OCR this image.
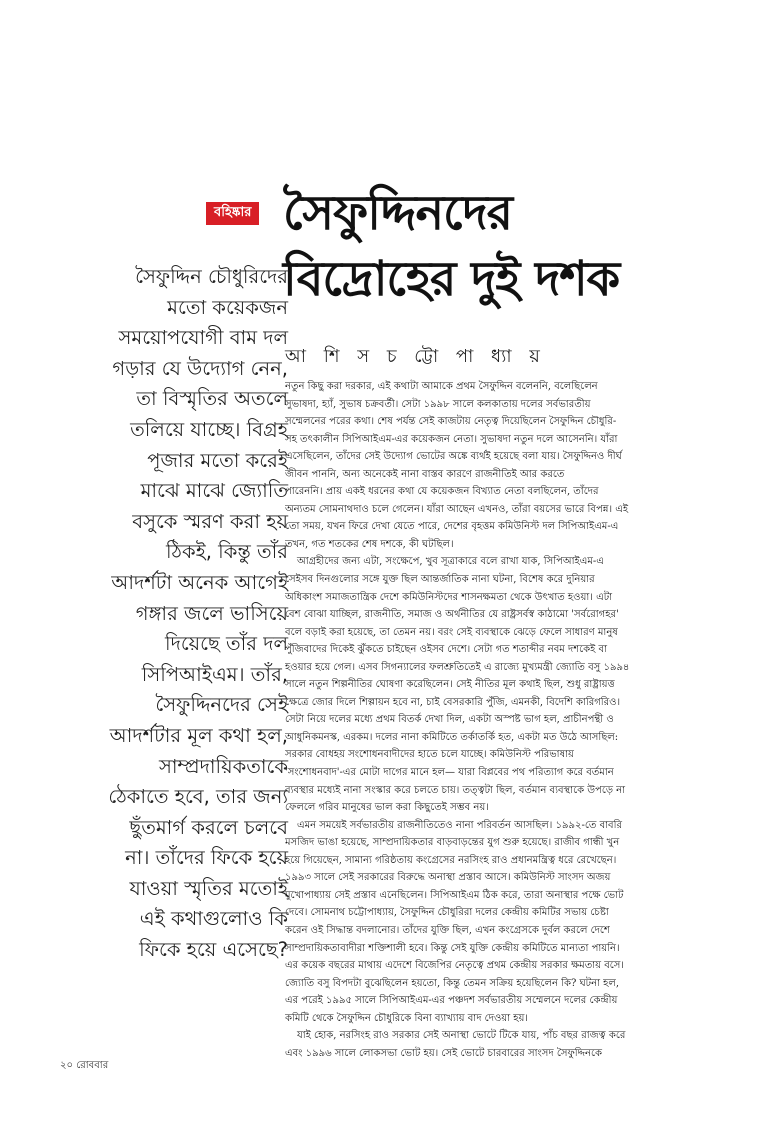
বহিষ্কার সৈফুদ্দিনদের
বিদ্রোহের দুই দশক
আ শি স চ ট্টো পা ধ্যা য়
সৈফুদ্দিন চৌধুরিদের
মতো কয়েকজন
সময়োপযোগী বাম দল
গড়ার যে উদ্যোগ নেন,
তা বিস্মৃতির অতলে
তলিয়ে যাচ্ছে। বিগ্রহ
পূজার মতো করেই
মাঝে মাঝে জ্যোতি
বসুকে স্মরণ করা হয়
ঠিকই, কিন্তু তাঁর
আদর্শটা অনেক আগেই
গঙ্গার জলে ভাসিয়ে
দিয়েছে তাঁর দল
সিপিআইএম। তাঁর,
সৈফুদ্দিনদের সেই
আদর্শটার মূল কথা হল,
সাম্প্রদায়িকতাকে
ঠেকাতে হবে, তার জন্য
ছুঁতমার্গ করলে চলবে
না। তাঁদের ফিকে হয়ে
যাওয়া স্মৃতির মতোই
এই কথাগুলোও কি
ফিকে হয়ে এসেছে?
নতুন কিছু করা দরকার, এই কথাটা আমাকে প্রথম সৈফুদ্দিন বলেননি, বলেছিলেন
সুভাষদা, হ্যাঁ, সুভাষ চক্রবর্তী। সেটা ১৯৯৮ সালে কলকাতায় দলের সর্বভারতীয়
সম্মেলনের পরের কথা। শেষ পর্যন্ত সেই কাজটায় নেতৃত্ব দিয়েছিলেন সৈফুদ্দিন চৌধুরি-
সহ তৎকালীন সিপিআইএম-এর কয়েকজন নেতা। সুভাষদা নতুন দলে আসেননি। যাঁরা
এসেছিলেন, তাঁদের সেই উদ্যোগ ভোটের অঙ্কে ব্যর্থই হয়েছে বলা যায়। সৈফুদ্দিনও দীর্ঘ
জীবন পাননি, অন্য অনেকেই নানা বাস্তব কারণে রাজনীতিই আর করতে
পারেননি। প্রায় একই ধরনের কথা যে কয়েকজন বিখ্যাত নেতা বলছিলেন, তাঁদের
অন্যতম সোমনাথদাও চলে গেলেন। যাঁরা আছেন এখনও, তাঁরা বয়সের ভারে বিপন্ন। এই
তো সময়, যখন ফিরে দেখা যেতে পারে, দেশের বৃহত্তম কমিউনিস্ট দল সিপিআইএম-এ
তখন, গত শতকের শেষ দশকে, কী ঘটছিল।
আগ্রহীদের জন্য এটা, সংক্ষেপে, খুব সূত্রাকারে বলে রাখা যাক, সিপিআইএম-এ
সেইসব দিনগুলোর সঙ্গে যুক্ত ছিল আন্তর্জাতিক নানা ঘটনা, বিশেষ করে দুনিয়ার
অধিকাংশ সমাজতান্ত্রিক দেশে কমিউনিস্টদের শাসনক্ষমতা থেকে উৎখাত হওয়া। এটা
বেশ বোঝা যাচ্ছিল, রাজনীতি, সমাজ ও অর্থনীতির যে রাষ্ট্রসর্বস্ব কাঠামো 'সর্বরোগহর'
বলে বড়াই করা হয়েছে, তা তেমন নয়। বরং সেই ব্যবস্থাকে ঝেড়ে ফেলে সাধারণ মানুষ
পুঁজিবাদের দিকেই ঝুঁকতে চাইছেন ওইসব দেশে। সেটা গত শতাব্দীর নবম দশকেই বা
হওয়ার হয়ে গেল। এসব সিগন্যালের ফলশ্রুতিতেই এ রাজ্যে মুখ্যমন্ত্রী জ্যোতি বসু ১৯৯৪
সালে নতুন শিল্পনীতির ঘোষণা করেছিলেন। সেই নীতির মূল কথাই ছিল, শুধু রাষ্ট্রায়ত্ত
ক্ষেত্রে জোর দিলে শিল্পায়ন হবে না, চাই বেসরকারি পুঁজি, এমনকী, বিদেশি কারিগরিও।
সেটা নিয়ে দলের মধ্যে প্রথম বিতর্ক দেখা দিল, একটা অস্পষ্ট ভাগ হল, প্রাচীনপন্থী ও
আধুনিকমনস্ক, এরকম। দলের নানা কমিটিতে তর্কাতর্কি হত, একটা মত উঠে আসছিল:
সরকার বোধহয় সংশোধনবাদীদের হাতে চলে যাচ্ছে। কমিউনিস্ট পরিভাষায়
'সংশোধনবাদ'-এর মোটা দাগের মানে হল— যারা বিপ্লবের পথ পরিত্যাগ করে বর্তমান
ব্যবস্থার মধ্যেই নানা সংস্কার করে চলতে চায়। তত্ত্বটা ছিল, বর্তমান ব্যবস্থাকে উপড়ে না
ফেললে গরিব মানুষের ভাল করা কিছুতেই সম্ভব নয়।
এমন সময়েই সর্বভারতীয় রাজনীতিতেও নানা পরিবর্তন আসছিল। ১৯৯২-তে বাবরি
মসজিদ ভাঙা হয়েছে, সাম্প্রদায়িকতার বাড়বাড়ন্তের যুগ শুরু হয়েছে। রাজীব গান্ধী খুন
হয়ে গিয়েছেন, সামান্য গরিষ্ঠতায় কংগ্রেসের নরসিংহ রাও প্রধানমন্ত্রিত্ব ধরে রেখেছেন।
১৯৯৩ সালে সেই সরকারের বিরুদ্ধে অনাস্থা প্রস্তাব আসে। কমিউনিস্ট সাংসদ অজয়
মুখোপাধ্যায় সেই প্রস্তাব এনেছিলেন। সিপিআইএম ঠিক করে, তারা অনাস্থার পক্ষে ভোট
দেবে। সোমনাথ চট্টোপাধ্যায়, সৈফুদ্দিন চৌধুরিরা দলের কেন্দ্রীয় কমিটির সভায় চেষ্টা
করেন ওই সিদ্ধান্ত বদলানোর। তাঁদের যুক্তি ছিল, এখন কংগ্রেসকে দুর্বল করলে দেশে
সাম্প্রদায়িকতাবাদীরা শক্তিশালী হবে। কিন্তু সেই যুক্তি কেন্দ্রীয় কমিটিতে মান্যতা পায়নি।
এর কয়েক বছরের মাথায় এদেশে বিজেপির নেতৃত্বে প্রথম কেন্দ্রীয় সরকার ক্ষমতায় বসে।
জ্যোতি বসু বিপদটা বুঝেছিলেন হয়তো, কিন্তু তেমন সক্রিয় হয়েছিলেন কি? ঘটনা হল,
এর পরেই ১৯৯৫ সালে সিপিআইএম-এর পঞ্চদশ সর্বভারতীয় সম্মেলনে দলের কেন্দ্রীয়
কমিটি থেকে সৈফুদ্দিন চৌধুরিকে বিনা ব্যাখ্যায় বাদ দেওয়া হয়।
যাই হোক, নরসিংহ রাও সরকার সেই অনাস্থা ভোটে টিকে যায়, পাঁচ বছর রাজত্ব করে
এবং ১৯৯৬ সালে লোকসভা ভোট হয়। সেই ভোটে চারবারের সাংসদ সৈফুদ্দিনকে
২০ রোববার
